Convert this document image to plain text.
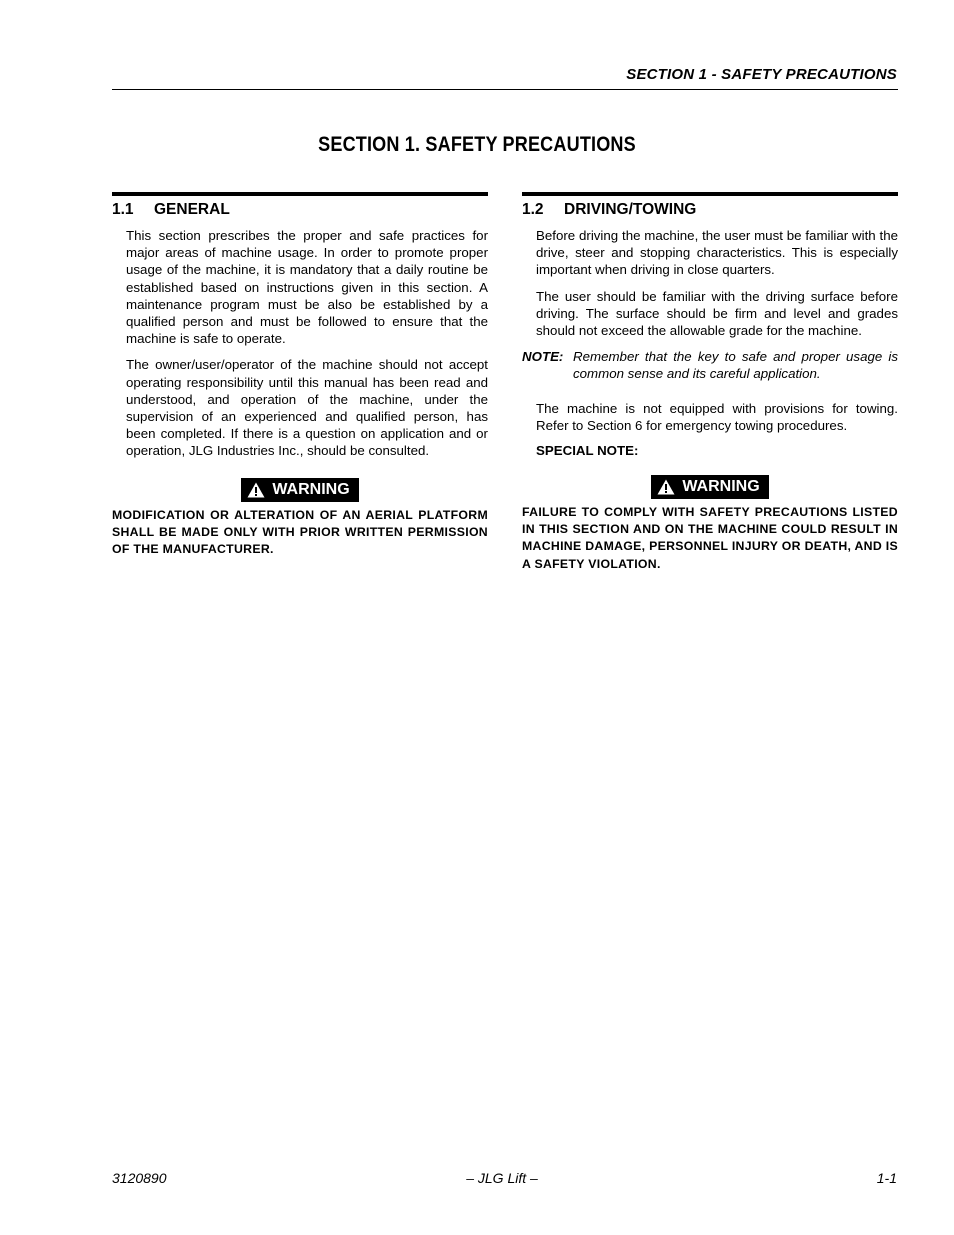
SECTION 1 - SAFETY PRECAUTIONS
SECTION 1. SAFETY PRECAUTIONS
1.1	GENERAL

This section prescribes the proper and safe practices for major areas of machine usage. In order to promote proper usage of the machine, it is mandatory that a daily routine be established based on instructions given in this section. A maintenance program must be also be established by a qualified person and must be followed to ensure that the machine is safe to operate.

The owner/user/operator of the machine should not accept operating responsibility until this manual has been read and understood, and operation of the machine, under the supervision of an experienced and qualified person, has been completed. If there is a question on application and or operation, JLG Industries Inc., should be consulted.

WARNING
MODIFICATION OR ALTERATION OF AN AERIAL PLATFORM SHALL BE MADE ONLY WITH PRIOR WRITTEN PERMISSION OF THE MANUFACTURER.
1.2	DRIVING/TOWING

Before driving the machine, the user must be familiar with the drive, steer and stopping characteristics. This is especially important when driving in close quarters.

The user should be familiar with the driving surface before driving. The surface should be firm and level and grades should not exceed the allowable grade for the machine.

NOTE: Remember that the key to safe and proper usage is common sense and its careful application.

The machine is not equipped with provisions for towing. Refer to Section 6 for emergency towing procedures.

SPECIAL NOTE:
WARNING
FAILURE TO COMPLY WITH SAFETY PRECAUTIONS LISTED IN THIS SECTION AND ON THE MACHINE COULD RESULT IN MACHINE DAMAGE, PERSONNEL INJURY OR DEATH, AND IS A SAFETY VIOLATION.
3120890	– JLG Lift –	1-1
